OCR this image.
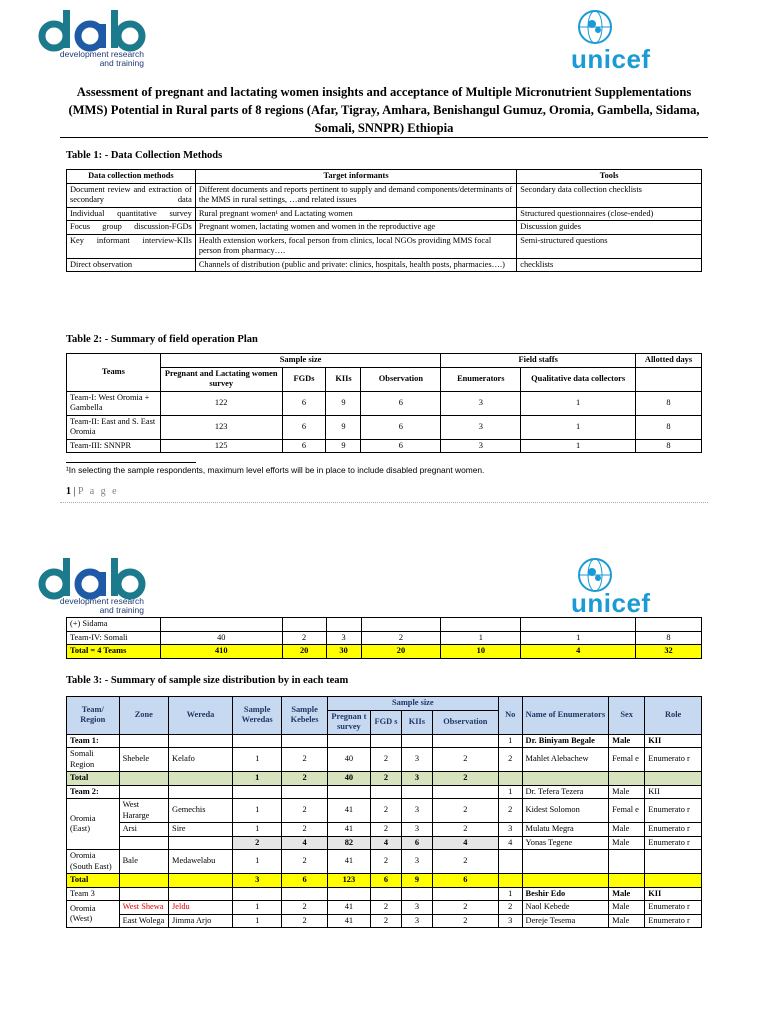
development research
and training	unicef
Assessment of pregnant and lactating women insights and acceptance of Multiple Micronutrient Supplementations (MMS) Potential in Rural parts of 8 regions (Afar, Tigray, Amhara, Benishangul Gumuz, Oromia, Gambella, Sidama, Somali, SNNPR) Ethiopia
Table 1: - Data Collection Methods
Data collection methods	Target informants	Tools
Document review and extraction of secondary data	Different documents and reports pertinent to supply and demand components/determinants of the MMS in rural settings, …and related issues	Secondary data collection checklists
Individual quantitative survey	Rural pregnant women¹ and Lactating women	Structured questionnaires (close-ended)
Focus group discussion-FGDs	Pregnant women, lactating women and women in the reproductive age	Discussion guides
Key informant interview-KIIs	Health extension workers, focal person from clinics, local NGOs providing MMS focal person from pharmacy….	Semi-structured questions
Direct observation	Channels of distribution (public and private: clinics, hospitals, health posts, pharmacies….)	checklists
Table 2: - Summary of field operation Plan
Teams	Sample size				Field staffs		Allotted days
	Pregnant and Lactating women survey	FGDs	KIIs	Observation	Enumerators	Qualitative data collectors	
Team-I: West Oromia + Gambella	122	6	9	6	3	1	8
Team-II: East and S. East Oromia	123	6	9	6	3	1	8
Team-III: SNNPR	125	6	9	6	3	1	8
¹In selecting the sample respondents, maximum level efforts will be in place to include disabled pregnant women.
1 | P a g e
development research
and training	unicef
(+) Sidama							
Team-IV: Somali	40	2	3	2	1	1	8
Total = 4 Teams	410	20	30	20	10	4	32
Table 3: - Summary of sample size distribution by in each team
Team/ Region	Zone	Wereda	Sample Weredas	Sample Kebeles	Sample size				No	Name of Enumerators	Sex	Role
					Pregnan t survey	FGD s	KIIs	Observation				
Team 1:									1	Dr. Biniyam Begale	Male	KII
Somali Region	Shebele	Kelafo	1	2	40	2	3	2	2	Mahlet Alebachew	Femal e	Enumerato r
Total			1	2	40	2	3	2				
Team 2:									1	Dr. Tefera Tezera	Male	KII
Oromia (East)	West Hararge	Gemechis	1	2	41	2	3	2	2	Kidest Solomon	Femal e	Enumerato r
	Arsi	Sire	1	2	41	2	3	2	3	Mulatu Megra	Male	Enumerato r
			2	4	82	4	6	4	4	Yonas Tegene	Male	Enumerato r
Oromia (South East)	Bale	Medawelabu	1	2	41	2	3	2				
Total			3	6	123	6	9	6				
Team 3									1	Beshir Edo	Male	KII
Oromia (West)	West Shewa	Jeldu	1	2	41	2	3	2	2	Naol Kebede	Male	Enumerato r
	East Wolega	Jimma Arjo	1	2	41	2	3	2	3	Dereje Tesema	Male	Enumerato r
